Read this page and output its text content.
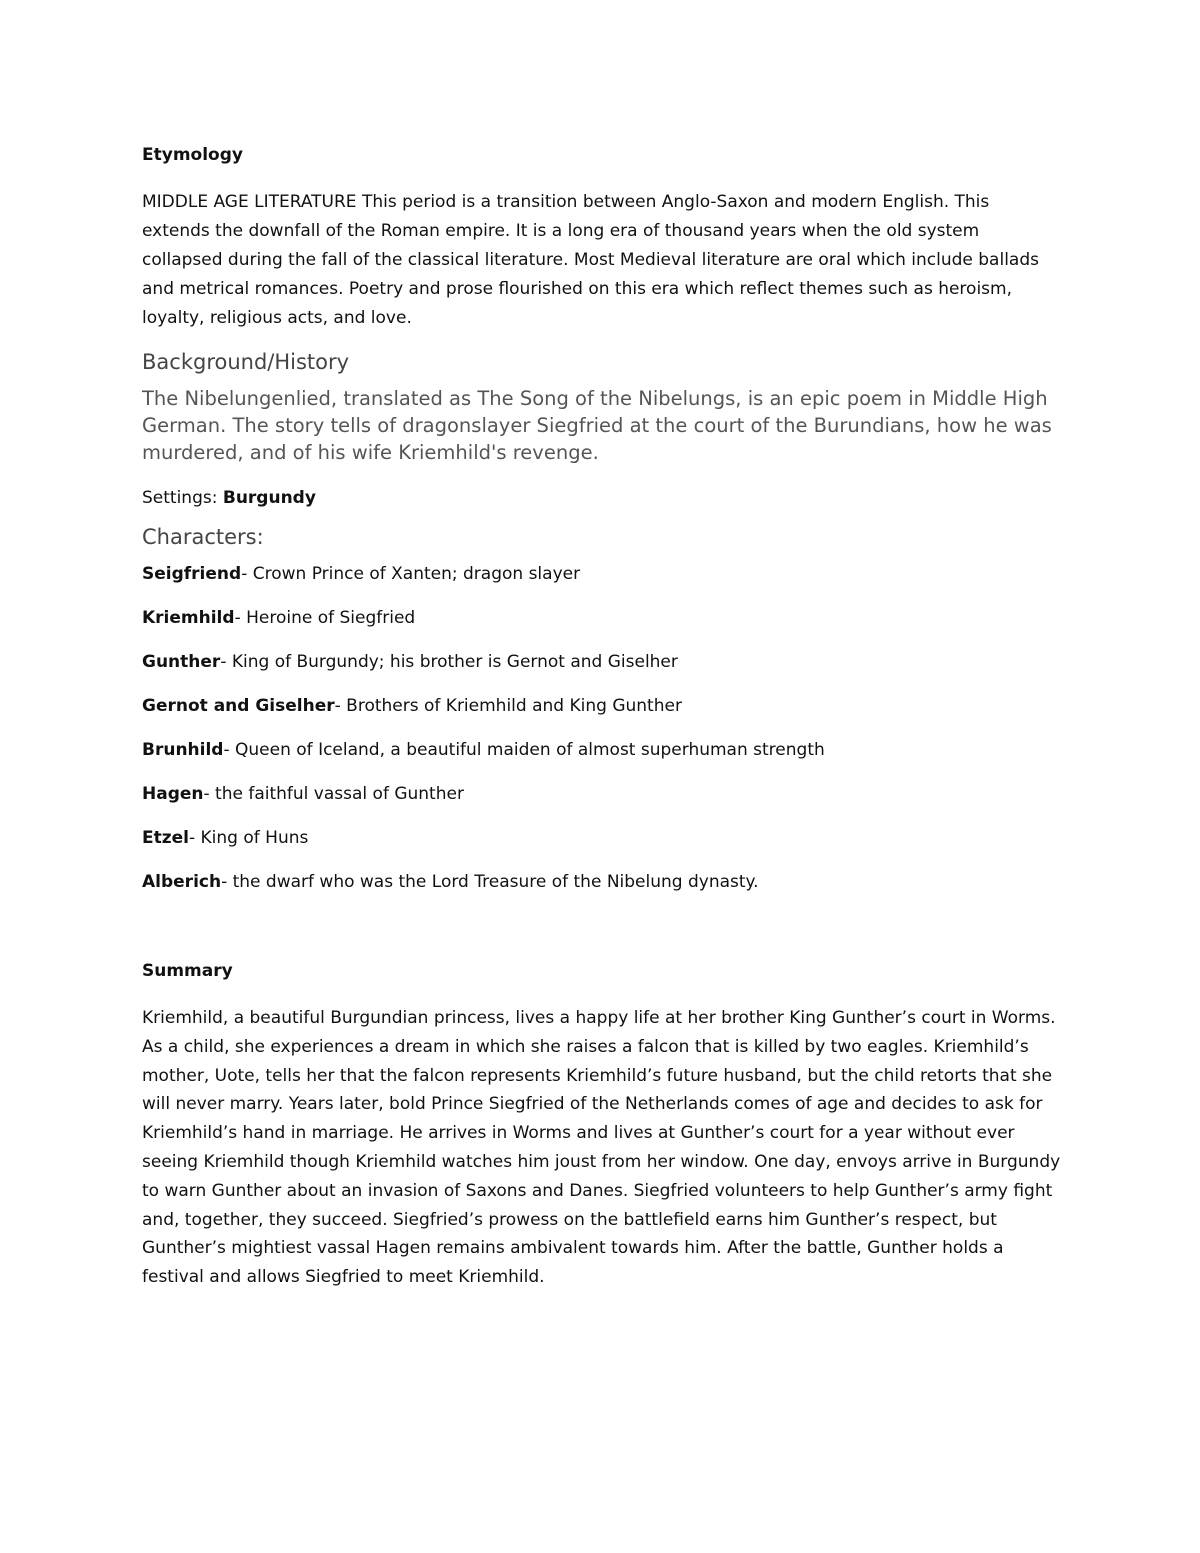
Etymology

MIDDLE AGE LITERATURE This period is a transition between Anglo-Saxon and modern English. This extends the downfall of the Roman empire. It is a long era of thousand years when the old system collapsed during the fall of the classical literature. Most Medieval literature are oral which include ballads and metrical romances. Poetry and prose flourished on this era which reflect themes such as heroism, loyalty, religious acts, and love.

Background/History

The Nibelungenlied, translated as The Song of the Nibelungs, is an epic poem in Middle High German. The story tells of dragonslayer Siegfried at the court of the Burundians, how he was murdered, and of his wife Kriemhild's revenge.

Settings: Burgundy

Characters:

Seigfriend- Crown Prince of Xanten; dragon slayer

Kriemhild- Heroine of Siegfried

Gunther- King of Burgundy; his brother is Gernot and Giselher

Gernot and Giselher- Brothers of Kriemhild and King Gunther

Brunhild- Queen of Iceland, a beautiful maiden of almost superhuman strength

Hagen- the faithful vassal of Gunther

Etzel- King of Huns

Alberich- the dwarf who was the Lord Treasure of the Nibelung dynasty.

Summary

Kriemhild, a beautiful Burgundian princess, lives a happy life at her brother King Gunther’s court in Worms. As a child, she experiences a dream in which she raises a falcon that is killed by two eagles. Kriemhild’s mother, Uote, tells her that the falcon represents Kriemhild’s future husband, but the child retorts that she will never marry. Years later, bold Prince Siegfried of the Netherlands comes of age and decides to ask for Kriemhild’s hand in marriage. He arrives in Worms and lives at Gunther’s court for a year without ever seeing Kriemhild though Kriemhild watches him joust from her window. One day, envoys arrive in Burgundy to warn Gunther about an invasion of Saxons and Danes. Siegfried volunteers to help Gunther’s army fight and, together, they succeed. Siegfried’s prowess on the battlefield earns him Gunther’s respect, but Gunther’s mightiest vassal Hagen remains ambivalent towards him. After the battle, Gunther holds a festival and allows Siegfried to meet Kriemhild.
